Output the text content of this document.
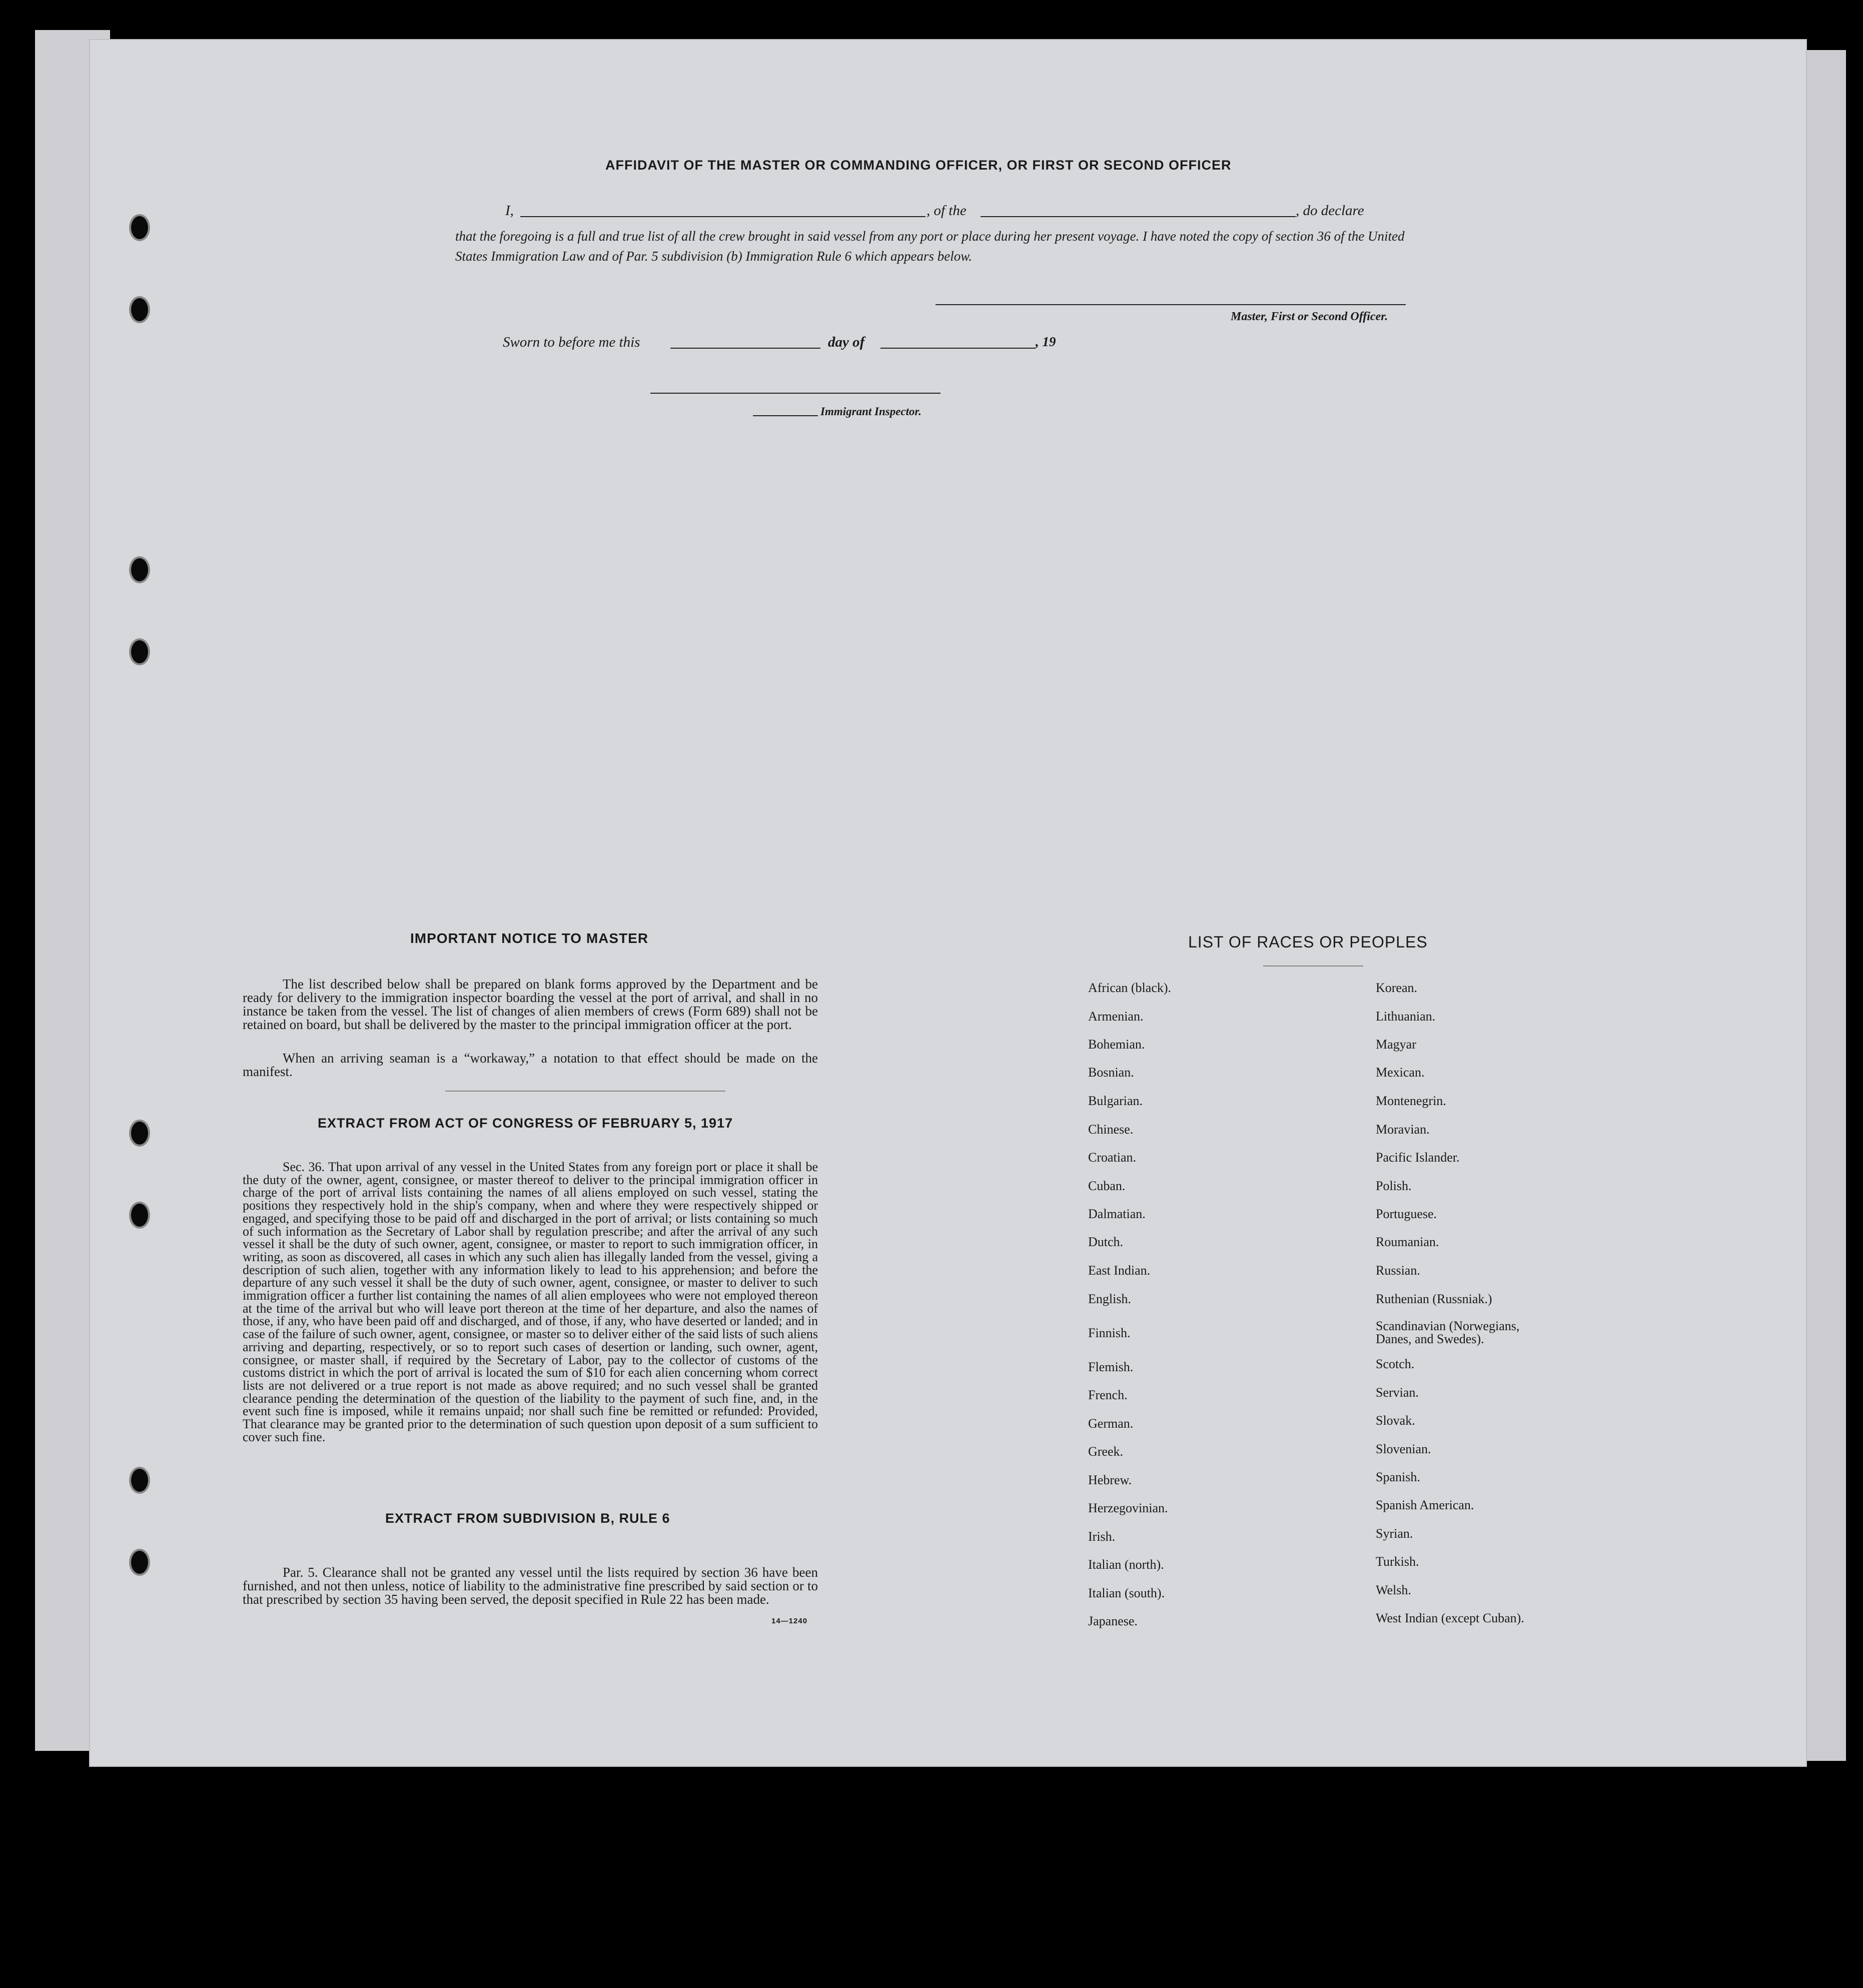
AFFIDAVIT OF THE MASTER OR COMMANDING OFFICER, OR FIRST OR SECOND OFFICER
I,	, of the	, do declare
that the foregoing is a full and true list of all the crew brought in said vessel from any port or place during her present voyage. I have noted the copy of section 36 of the United States Immigration Law and of Par. 5 subdivision (b) Immigration Rule 6 which appears below.
Master, First or Second Officer.
Sworn to before me this	day of	, 19
Immigrant Inspector.
IMPORTANT NOTICE TO MASTER
The list described below shall be prepared on blank forms approved by the Department and be ready for delivery to the immigration inspector boarding the vessel at the port of arrival, and shall in no instance be taken from the vessel. The list of changes of alien members of crews (Form 689) shall not be retained on board, but shall be delivered by the master to the principal immigration officer at the port.
When an arriving seaman is a “workaway,” a notation to that effect should be made on the manifest.
EXTRACT FROM ACT OF CONGRESS OF FEBRUARY 5, 1917
Sec. 36. That upon arrival of any vessel in the United States from any foreign port or place it shall be the duty of the owner, agent, consignee, or master thereof to deliver to the principal immigration officer in charge of the port of arrival lists containing the names of all aliens employed on such vessel, stating the positions they respectively hold in the ship's company, when and where they were respectively shipped or engaged, and specifying those to be paid off and discharged in the port of arrival; or lists containing so much of such information as the Secretary of Labor shall by regulation prescribe; and after the arrival of any such vessel it shall be the duty of such owner, agent, consignee, or master to report to such immigration officer, in writing, as soon as discovered, all cases in which any such alien has illegally landed from the vessel, giving a description of such alien, together with any information likely to lead to his apprehension; and before the departure of any such vessel it shall be the duty of such owner, agent, consignee, or master to deliver to such immigration officer a further list containing the names of all alien employees who were not employed thereon at the time of the arrival but who will leave port thereon at the time of her departure, and also the names of those, if any, who have been paid off and discharged, and of those, if any, who have deserted or landed; and in case of the failure of such owner, agent, consignee, or master so to deliver either of the said lists of such aliens arriving and departing, respectively, or so to report such cases of desertion or landing, such owner, agent, consignee, or master shall, if required by the Secretary of Labor, pay to the collector of customs of the customs district in which the port of arrival is located the sum of $10 for each alien concerning whom correct lists are not delivered or a true report is not made as above required; and no such vessel shall be granted clearance pending the determination of the question of the liability to the payment of such fine, and, in the event such fine is imposed, while it remains unpaid; nor shall such fine be remitted or refunded: Provided, That clearance may be granted prior to the determination of such question upon deposit of a sum sufficient to cover such fine.
EXTRACT FROM SUBDIVISION B, RULE 6
Par. 5. Clearance shall not be granted any vessel until the lists required by section 36 have been furnished, and not then unless, notice of liability to the administrative fine prescribed by said section or to that prescribed by section 35 having been served, the deposit specified in Rule 22 has been made.
14—1240
LIST OF RACES OR PEOPLES
African (black).
Armenian.
Bohemian.
Bosnian.
Bulgarian.
Chinese.
Croatian.
Cuban.
Dalmatian.
Dutch.
East Indian.
English.
Finnish.
Flemish.
French.
German.
Greek.
Hebrew.
Herzegovinian.
Irish.
Italian (north).
Italian (south).
Japanese.
Korean.
Lithuanian.
Magyar
Mexican.
Montenegrin.
Moravian.
Pacific Islander.
Polish.
Portuguese.
Roumanian.
Russian.
Ruthenian (Russniak.)
Scandinavian (Norwegians, Danes, and Swedes).
Scotch.
Servian.
Slovak.
Slovenian.
Spanish.
Spanish American.
Syrian.
Turkish.
Welsh.
West Indian (except Cuban).
